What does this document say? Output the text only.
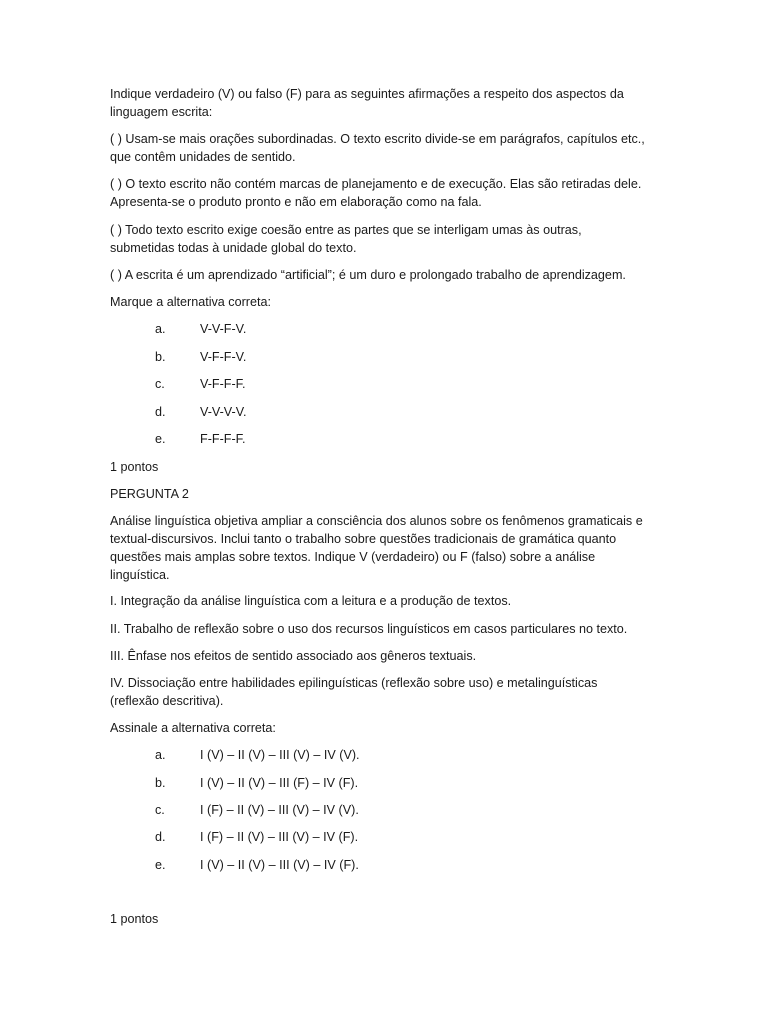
Indique verdadeiro (V) ou falso (F) para as seguintes afirmações a respeito dos aspectos da
linguagem escrita:
( ) Usam-se mais orações subordinadas. O texto escrito divide-se em parágrafos, capítulos etc.,
que contêm unidades de sentido.
( ) O texto escrito não contém marcas de planejamento e de execução. Elas são retiradas dele.
Apresenta-se o produto pronto e não em elaboração como na fala.
( ) Todo texto escrito exige coesão entre as partes que se interligam umas às outras,
submetidas todas à unidade global do texto.
( ) A escrita é um aprendizado “artificial”; é um duro e prolongado trabalho de aprendizagem.
Marque a alternativa correta:
a.	V-V-F-V.
b.	V-F-F-V.
c.	V-F-F-F.
d.	V-V-V-V.
e.	F-F-F-F.
1 pontos
PERGUNTA 2
Análise linguística objetiva ampliar a consciência dos alunos sobre os fenômenos gramaticais e
textual-discursivos. Inclui tanto o trabalho sobre questões tradicionais de gramática quanto
questões mais amplas sobre textos. Indique V (verdadeiro) ou F (falso) sobre a análise
linguística.
I. Integração da análise linguística com a leitura e a produção de textos.
II. Trabalho de reflexão sobre o uso dos recursos linguísticos em casos particulares no texto.
III. Ênfase nos efeitos de sentido associado aos gêneros textuais.
IV. Dissociação entre habilidades epilinguísticas (reflexão sobre uso) e metalinguísticas
(reflexão descritiva).
Assinale a alternativa correta:
a.	I (V) – II (V) – III (V) – IV (V).
b.	I (V) – II (V) – III (F) – IV (F).
c.	I (F) – II (V) – III (V) – IV (V).
d.	I (F) – II (V) – III (V) – IV (F).
e.	I (V) – II (V) – III (V) – IV (F).
1 pontos
